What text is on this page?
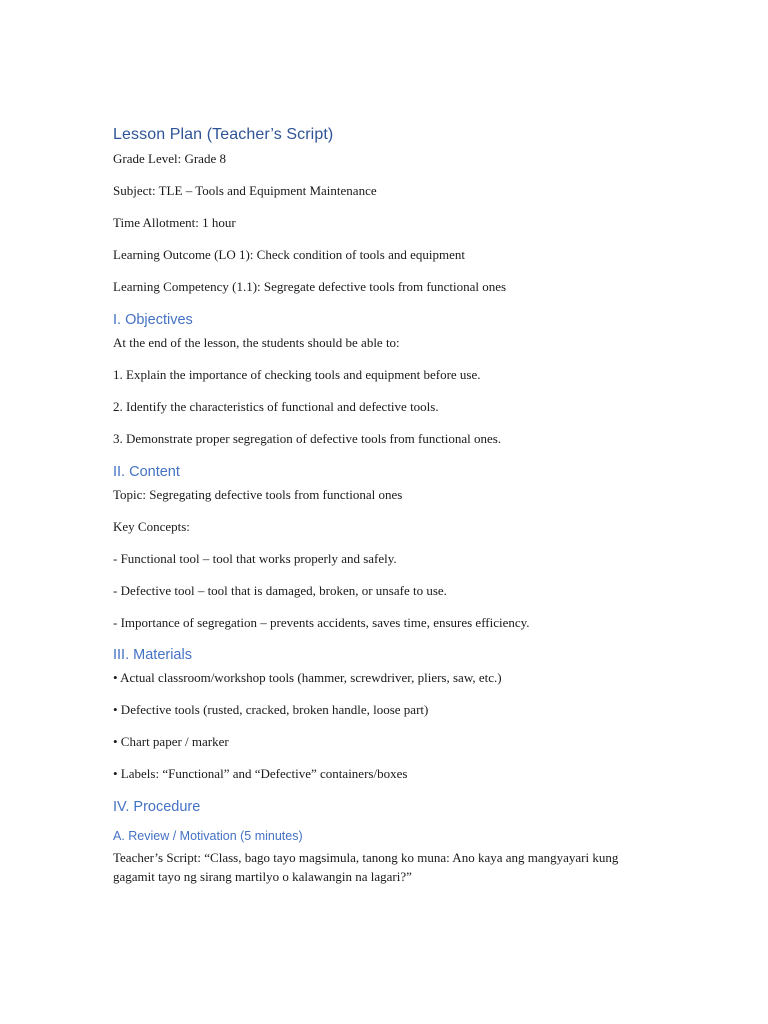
Lesson Plan (Teacher’s Script)
Grade Level: Grade 8
Subject: TLE – Tools and Equipment Maintenance
Time Allotment: 1 hour
Learning Outcome (LO 1): Check condition of tools and equipment
Learning Competency (1.1): Segregate defective tools from functional ones
I. Objectives
At the end of the lesson, the students should be able to:
1. Explain the importance of checking tools and equipment before use.
2. Identify the characteristics of functional and defective tools.
3. Demonstrate proper segregation of defective tools from functional ones.
II. Content
Topic: Segregating defective tools from functional ones
Key Concepts:
- Functional tool – tool that works properly and safely.
- Defective tool – tool that is damaged, broken, or unsafe to use.
- Importance of segregation – prevents accidents, saves time, ensures efficiency.
III. Materials
• Actual classroom/workshop tools (hammer, screwdriver, pliers, saw, etc.)
• Defective tools (rusted, cracked, broken handle, loose part)
• Chart paper / marker
• Labels: “Functional” and “Defective” containers/boxes
IV. Procedure
A. Review / Motivation (5 minutes)
Teacher’s Script: “Class, bago tayo magsimula, tanong ko muna: Ano kaya ang mangyayari kung gagamit tayo ng sirang martilyo o kalawangin na lagari?”
